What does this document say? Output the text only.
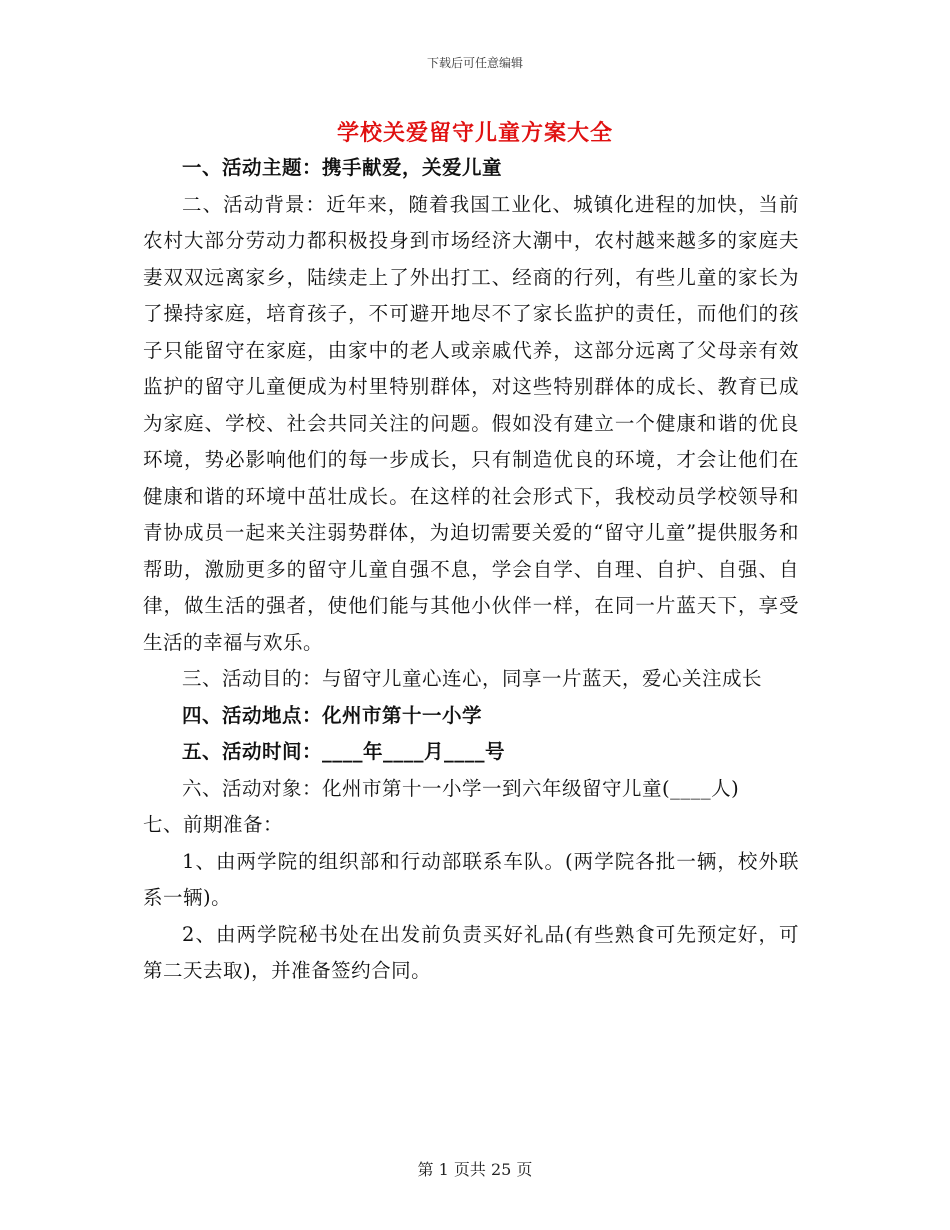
下载后可任意编辑
学校关爱留守儿童方案大全

一、活动主题：携手献爱，关爱儿童

二、活动背景：近年来，随着我国工业化、城镇化进程的加快，当前农村大部分劳动力都积极投身到市场经济大潮中，农村越来越多的家庭夫妻双双远离家乡，陆续走上了外出打工、经商的行列，有些儿童的家长为了操持家庭，培育孩子，不可避开地尽不了家长监护的责任，而他们的孩子只能留守在家庭，由家中的老人或亲戚代养，这部分远离了父母亲有效监护的留守儿童便成为村里特别群体，对这些特别群体的成长、教育已成为家庭、学校、社会共同关注的问题。假如没有建立一个健康和谐的优良环境，势必影响他们的每一步成长，只有制造优良的环境，才会让他们在健康和谐的环境中茁壮成长。在这样的社会形式下，我校动员学校领导和青协成员一起来关注弱势群体，为迫切需要关爱的“留守儿童”提供服务和帮助，激励更多的留守儿童自强不息，学会自学、自理、自护、自强、自律，做生活的强者，使他们能与其他小伙伴一样，在同一片蓝天下，享受生活的幸福与欢乐。

三、活动目的：与留守儿童心连心，同享一片蓝天，爱心关注成长

四、活动地点：化州市第十一小学

五、活动时间：____年____月____号

六、活动对象：化州市第十一小学一到六年级留守儿童(____人)

七、前期准备：

1、由两学院的组织部和行动部联系车队。(两学院各批一辆，校外联系一辆)。

2、由两学院秘书处在出发前负责买好礼品(有些熟食可先预定好，可第二天去取)，并准备签约合同。

第 1 页共 25 页
